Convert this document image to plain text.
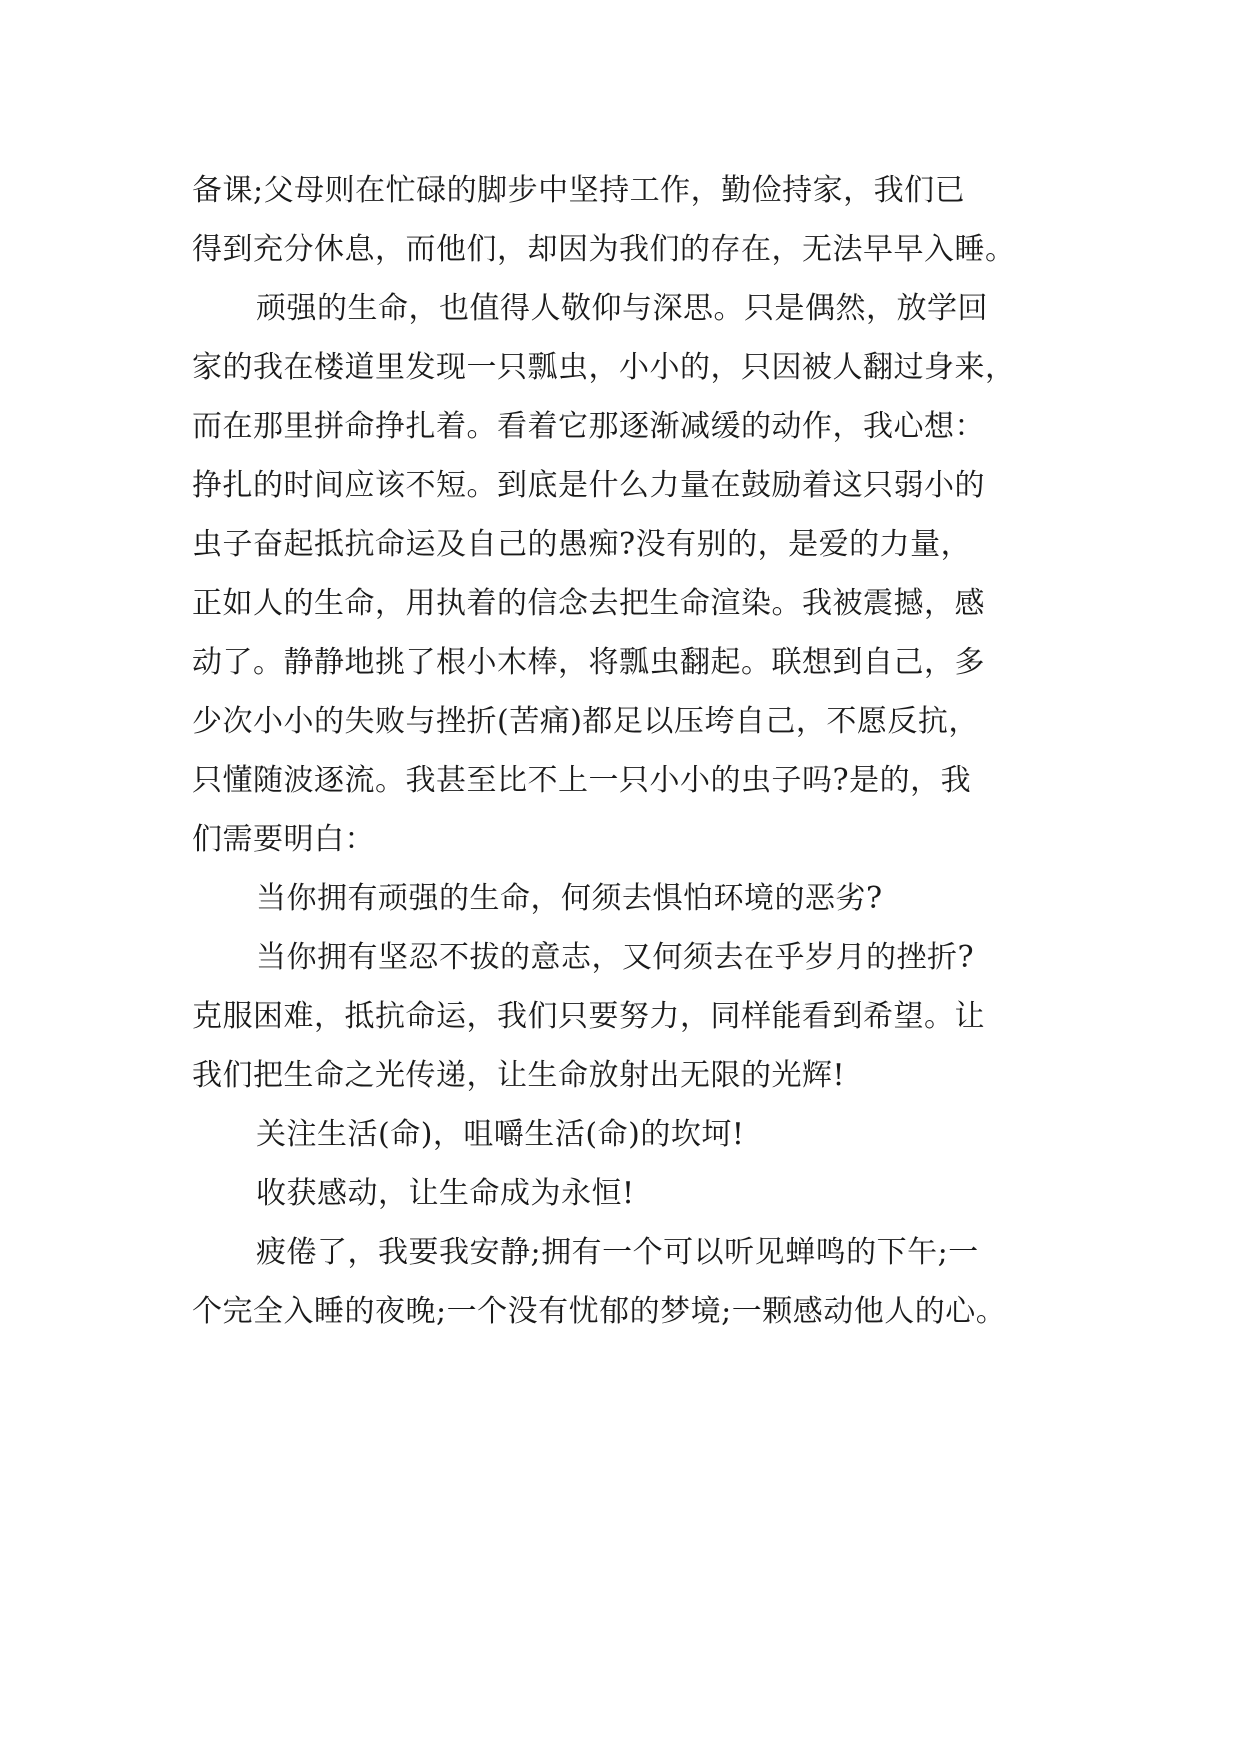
备课;父母则在忙碌的脚步中坚持工作，勤俭持家，我们已
得到充分休息，而他们，却因为我们的存在，无法早早入睡。
顽强的生命，也值得人敬仰与深思。只是偶然，放学回
家的我在楼道里发现一只瓢虫，小小的，只因被人翻过身来，
而在那里拼命挣扎着。看着它那逐渐减缓的动作，我心想：
挣扎的时间应该不短。到底是什么力量在鼓励着这只弱小的
虫子奋起抵抗命运及自己的愚痴?没有别的，是爱的力量，
正如人的生命，用执着的信念去把生命渲染。我被震撼，感
动了。静静地挑了根小木棒，将瓢虫翻起。联想到自己，多
少次小小的失败与挫折(苦痛)都足以压垮自己，不愿反抗，
只懂随波逐流。我甚至比不上一只小小的虫子吗?是的，我
们需要明白：
当你拥有顽强的生命，何须去惧怕环境的恶劣?
当你拥有坚忍不拔的意志，又何须去在乎岁月的挫折?
克服困难，抵抗命运，我们只要努力，同样能看到希望。让
我们把生命之光传递，让生命放射出无限的光辉!
关注生活(命)，咀嚼生活(命)的坎坷!
收获感动，让生命成为永恒!
疲倦了，我要我安静;拥有一个可以听见蝉鸣的下午;一
个完全入睡的夜晚;一个没有忧郁的梦境;一颗感动他人的心。
